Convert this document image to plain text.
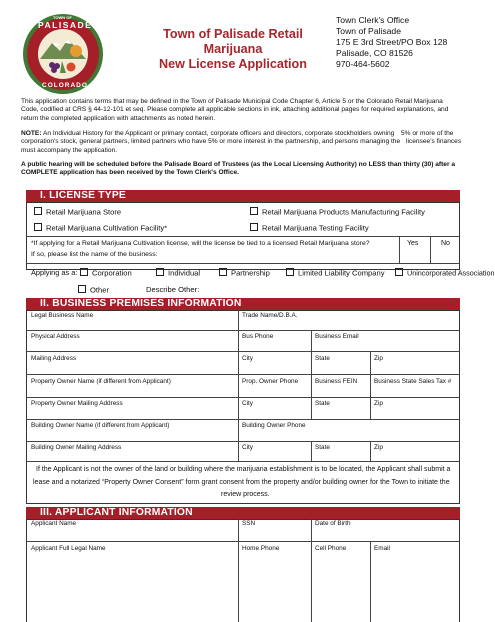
TOWN OF
PALISADE
COLORADO
Town of Palisade Retail Marijuana
New License Application
Town Clerk's Office
Town of Palisade
175 E 3rd Street/PO Box 128
Palisade, CO 81526
970-464-5602
This application contains terms that may be defined in the Town of Palisade Municipal Code Chapter 6, Article 5 or the Colorado Retail Marijuana Code, codified at CRS § 44-12-101 et seq. Please complete all applicable sections in ink, attaching additional pages for required explanations, and return the completed application with attachments as noted herein.
NOTE: An Individual History for the Applicant or primary contact, corporate officers and directors, corporate stockholders owning 5% or more of the
corporation's stock, general partners, limited partners who have 5% or more interest in the partnership, and persons managing the licensee's finances
must accompany the application.
A public hearing will be scheduled before the Palisade Board of Trustees (as the Local Licensing Authority) no LESS than thirty (30) after a COMPLETE application has been received by the Town Clerk's Office.
I. LICENSE TYPE
Retail Marijuana Store	Retail Marijuana Products Manufacturing Facility
Retail Marijuana Cultivation Facility*	Retail Marijuana Testing Facility
*If applying for a Retail Marijuana Cultivation license, will the license be tied to a licensed Retail Marijuana store?
If so, please list the name of the business:
Yes	No
Applying as a:	Corporation	Individual	Partnership	Limited Liability Company	Unincorporated Association
Other	Describe Other:
II. BUSINESS PREMISES INFORMATION
Legal Business Name	Trade Name/D.B.A.
Physical Address	Bus Phone	Business Email
Mailing Address	City	State	Zip
Property Owner Name (if different from Applicant)	Prop. Owner Phone	Business FEIN	Business State Sales Tax #
Property Owner Mailing Address	City	State	Zip
Building Owner Name (if different from Applicant)	Building Owner Phone
Building Owner Mailing Address	City	State	Zip
If the Applicant is not the owner of the land or building where the marijuana establishment is to be located, the Applicant shall submit a
lease and a notarized “Property Owner Consent” form grant consent from the property and/or building owner for the Town to initiate the
review process.
III. APPLICANT INFORMATION
Applicant Name	SSN	Date of Birth
Applicant Full Legal Name	Home Phone	Cell Phone	Email
